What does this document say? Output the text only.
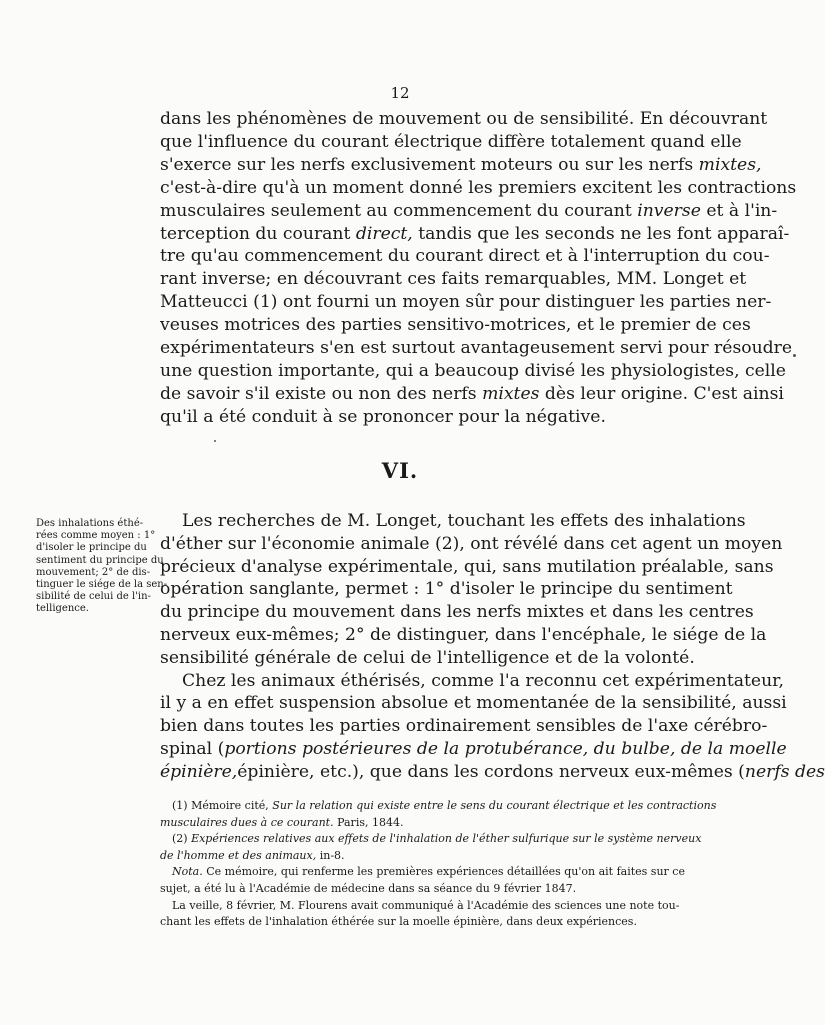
12
dans les phénomènes de mouvement ou de sensibilité. En découvrant
que l'influence du courant électrique diffère totalement quand elle
s'exerce sur les nerfs exclusivement moteurs ou sur les nerfs mixtes,
c'est-à-dire qu'à un moment donné les premiers excitent les contractions
musculaires seulement au commencement du courant inverse et à l'in-
terception du courant direct, tandis que les seconds ne les font apparaî-
tre qu'au commencement du courant direct et à l'interruption du cou-
rant inverse; en découvrant ces faits remarquables, MM. Longet et
Matteucci (1) ont fourni un moyen sûr pour distinguer les parties ner-
veuses motrices des parties sensitivo-motrices, et le premier de ces
expérimentateurs s'en est surtout avantageusement servi pour résoudre
une question importante, qui a beaucoup divisé les physiologistes, celle
de savoir s'il existe ou non des nerfs mixtes dès leur origine. C'est ainsi
qu'il a été conduit à se prononcer pour la négative.
VI.
Des inhalations éthé-
rées comme moyen : 1°
d'isoler le principe du
sentiment du principe du
mouvement; 2° de dis-
tinguer le siége de la sen-
sibilité de celui de l'in-
telligence.
Les recherches de M. Longet, touchant les effets des inhalations
d'éther sur l'économie animale (2), ont révélé dans cet agent un moyen
précieux d'analyse expérimentale, qui, sans mutilation préalable, sans
opération sanglante, permet : 1° d'isoler le principe du sentiment
du principe du mouvement dans les nerfs mixtes et dans les centres
nerveux eux-mêmes; 2° de distinguer, dans l'encéphale, le siége de la
sensibilité générale de celui de l'intelligence et de la volonté.
Chez les animaux éthérisés, comme l'a reconnu cet expérimentateur,
il y a en effet suspension absolue et momentanée de la sensibilité, aussi
bien dans toutes les parties ordinairement sensibles de l'axe cérébro-
spinal (portions postérieures de la protubérance, du bulbe, de la moelle
épinière,épinière, etc.), que dans les cordons nerveux eux-mêmes (nerfs des
(1) Mémoire cité, Sur la relation qui existe entre le sens du courant électrique et les contractions
musculaires dues à ce courant. Paris, 1844.
(2) Expériences relatives aux effets de l'inhalation de l'éther sulfurique sur le système nerveux
de l'homme et des animaux, in-8.
Nota. Ce mémoire, qui renferme les premières expériences détaillées qu'on ait faites sur ce
sujet, a été lu à l'Académie de médecine dans sa séance du 9 février 1847.
La veille, 8 février, M. Flourens avait communiqué à l'Académie des sciences une note tou-
chant les effets de l'inhalation éthérée sur la moelle épinière, dans deux expériences.
